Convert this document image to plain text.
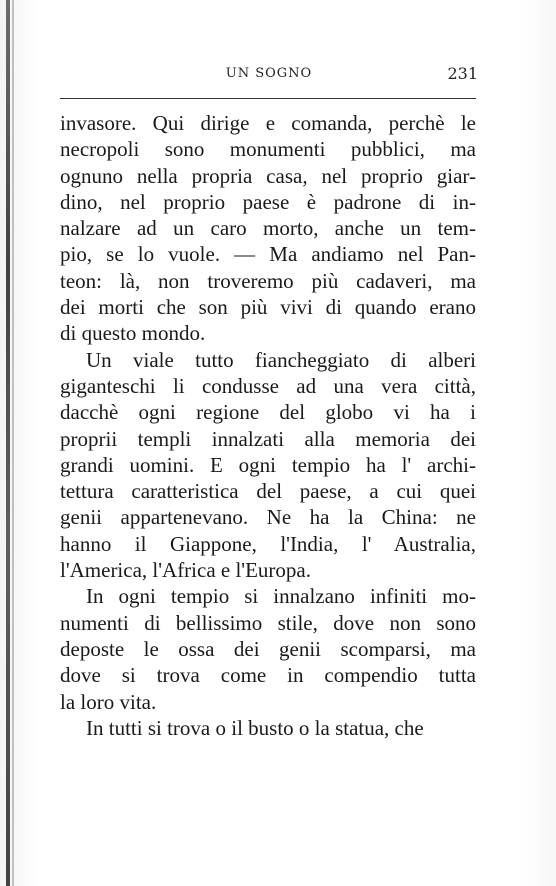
UN SOGNO	231
invasore. Qui dirige e comanda, perchè le
necropoli sono monumenti pubblici, ma
ognuno nella propria casa, nel proprio giar-
dino, nel proprio paese è padrone di in-
nalzare ad un caro morto, anche un tem-
pio, se lo vuole. — Ma andiamo nel Pan-
teon: là, non troveremo più cadaveri, ma
dei morti che son più vivi di quando erano
di questo mondo.
Un viale tutto fiancheggiato di alberi
giganteschi li condusse ad una vera città,
dacchè ogni regione del globo vi ha i
proprii templi innalzati alla memoria dei
grandi uomini. E ogni tempio ha l' archi-
tettura caratteristica del paese, a cui quei
genii appartenevano. Ne ha la China: ne
hanno il Giappone, l'India, l' Australia,
l'America, l'Africa e l'Europa.
In ogni tempio si innalzano infiniti mo-
numenti di bellissimo stile, dove non sono
deposte le ossa dei genii scomparsi, ma
dove si trova come in compendio tutta
la loro vita.
In tutti si trova o il busto o la statua, che
